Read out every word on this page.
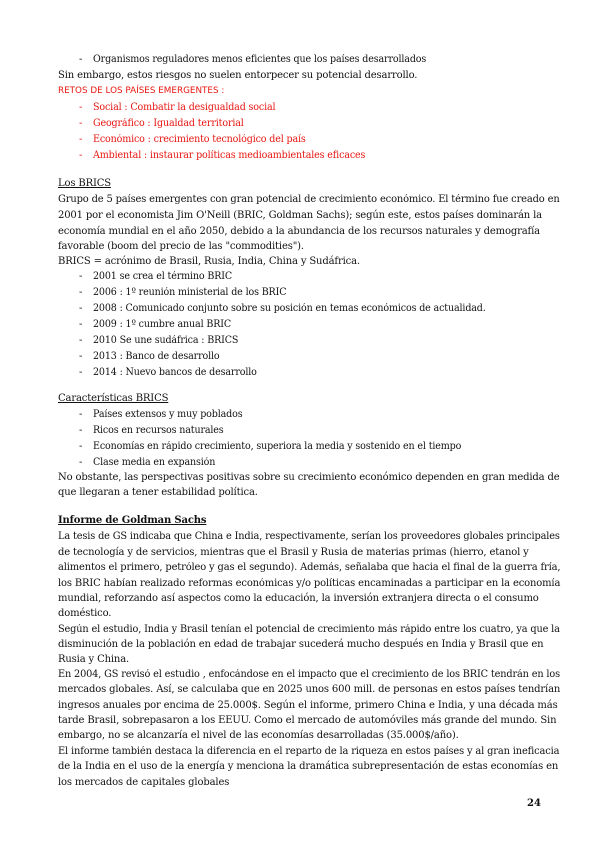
- Organismos reguladores menos eficientes que los países desarrollados
Sin embargo, estos riesgos no suelen entorpecer su potencial desarrollo.
RETOS DE LOS PAÍSES EMERGENTES :
- Social : Combatir la desigualdad social
- Geográfico : Igualdad territorial
- Económico : crecimiento tecnológico del país
- Ambiental : instaurar políticas medioambientales eficaces
Los BRICS
Grupo de 5 países emergentes con gran potencial de crecimiento económico. El término fue creado en
2001 por el economista Jim O'Neill (BRIC, Goldman Sachs); según este, estos países dominarán la
economía mundial en el año 2050, debido a la abundancia de los recursos naturales y demografía
favorable (boom del precio de las "commodities").
BRICS = acrónimo de Brasil, Rusia, India, China y Sudáfrica.
- 2001 se crea el término BRIC
- 2006 : 1º reunión ministerial de los BRIC
- 2008 : Comunicado conjunto sobre su posición en temas económicos de actualidad.
- 2009 : 1º cumbre anual BRIC
- 2010 Se une sudáfrica : BRICS
- 2013 : Banco de desarrollo
- 2014 : Nuevo bancos de desarrollo
Características BRICS
- Países extensos y muy poblados
- Ricos en recursos naturales
- Economías en rápido crecimiento, superiora la media y sostenido en el tiempo
- Clase media en expansión
No obstante, las perspectivas positivas sobre su crecimiento económico dependen en gran medida de
que llegaran a tener estabilidad política.
Informe de Goldman Sachs
La tesis de GS indicaba que China e India, respectivamente, serían los proveedores globales principales
de tecnología y de servicios, mientras que el Brasil y Rusia de materias primas (hierro, etanol y
alimentos el primero, petróleo y gas el segundo). Además, señalaba que hacia el final de la guerra fría,
los BRIC habían realizado reformas económicas y/o políticas encaminadas a participar en la economía
mundial, reforzando así aspectos como la educación, la inversión extranjera directa o el consumo
doméstico.
Según el estudio, India y Brasil tenían el potencial de crecimiento más rápido entre los cuatro, ya que la
disminución de la población en edad de trabajar sucederá mucho después en India y Brasil que en
Rusia y China.
En 2004, GS revisó el estudio , enfocándose en el impacto que el crecimiento de los BRIC tendrán en los
mercados globales. Así, se calculaba que en 2025 unos 600 mill. de personas en estos países tendrían
ingresos anuales por encima de 25.000$. Según el informe, primero China e India, y una década más
tarde Brasil, sobrepasaron a los EEUU. Como el mercado de automóviles más grande del mundo. Sin
embargo, no se alcanzaría el nivel de las economías desarrolladas (35.000$/año).
El informe también destaca la diferencia en el reparto de la riqueza en estos países y al gran ineficacia
de la India en el uso de la energía y menciona la dramática subrepresentación de estas economías en
los mercados de capitales globales
24
